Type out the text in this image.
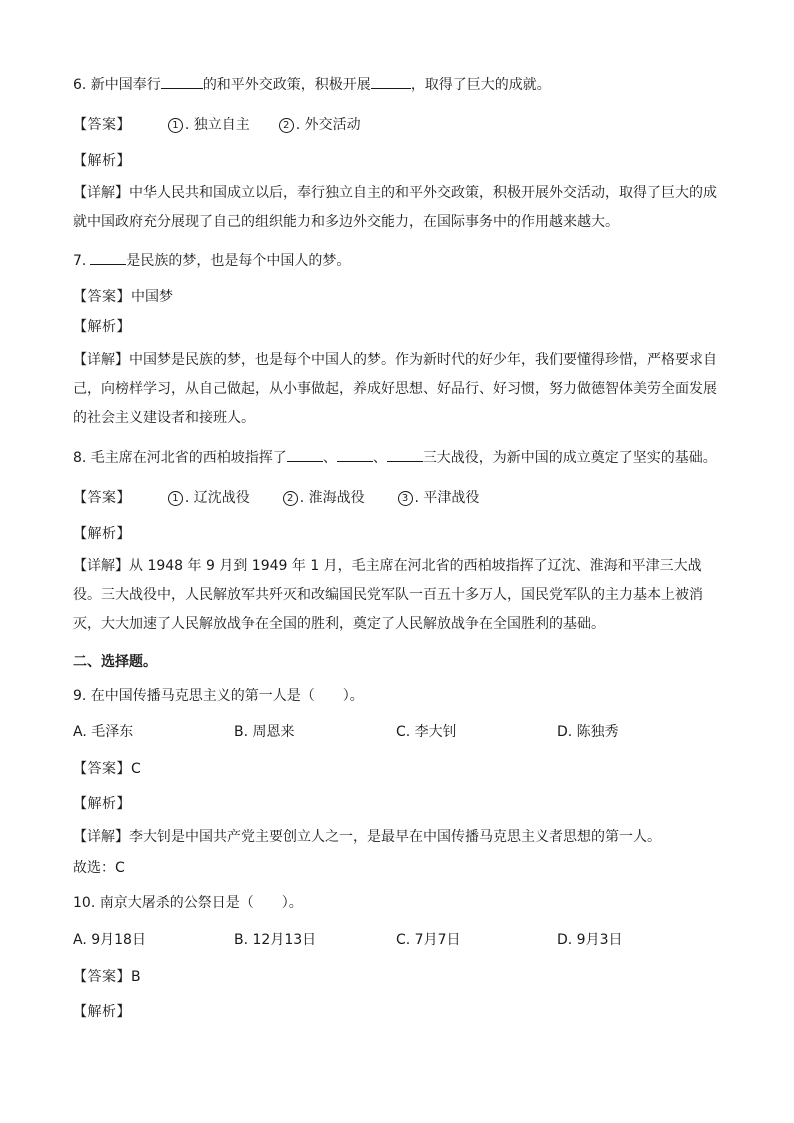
6. 新中国奉行	的和平外交政策，积极开展	，取得了巨大的成就。
【答案】	1 . 独立自主	2 . 外交活动
【解析】
【详解】中华人民共和国成立以后，奉行独立自主的和平外交政策，积极开展外交活动，取得了巨大的成就中国政府充分展现了自己的组织能力和多边外交能力，在国际事务中的作用越来越大。
7.	是民族的梦，也是每个中国人的梦。
【答案】中国梦
【解析】
【详解】中国梦是民族的梦，也是每个中国人的梦。作为新时代的好少年，我们要懂得珍惜，严格要求自己，向榜样学习，从自己做起，从小事做起，养成好思想、好品行、好习惯，努力做德智体美劳全面发展的社会主义建设者和接班人。
8. 毛主席在河北省的西柏坡指挥了	、	、	三大战役，为新中国的成立奠定了坚实的基础。
【答案】	1 . 辽沈战役	2 . 淮海战役	3 . 平津战役
【解析】
【详解】从 1948 年 9 月到 1949 年 1 月，毛主席在河北省的西柏坡指挥了辽沈、淮海和平津三大战役。三大战役中，人民解放军共歼灭和改编国民党军队一百五十多万人，国民党军队的主力基本上被消灭，大大加速了人民解放战争在全国的胜利，奠定了人民解放战争在全国胜利的基础。
二、选择题。
9. 在中国传播马克思主义的第一人是（　　）。
A. 毛泽东	B. 周恩来	C. 李大钊	D. 陈独秀
【答案】C
【解析】
【详解】李大钊是中国共产党主要创立人之一，是最早在中国传播马克思主义者思想的第一人。
故选：C
10. 南京大屠杀的公祭日是（　　）。
A. 9月18日	B. 12月13日	C. 7月7日	D. 9月3日
【答案】B
【解析】
